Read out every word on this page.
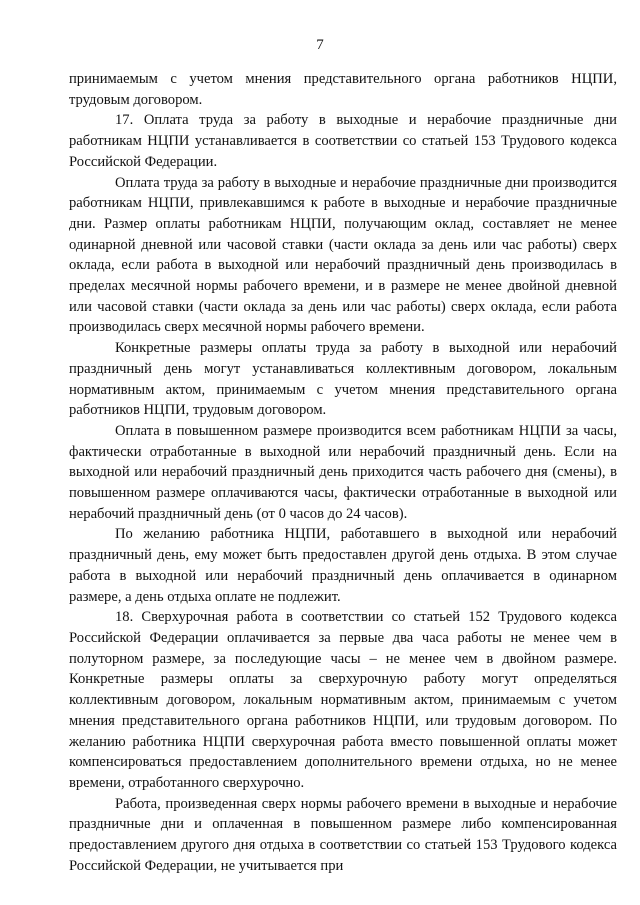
7

принимаемым с учетом мнения представительного органа работников НЦПИ, трудовым договором.

17. Оплата труда за работу в выходные и нерабочие праздничные дни работникам НЦПИ устанавливается в соответствии со статьей 153 Трудового кодекса Российской Федерации.

Оплата труда за работу в выходные и нерабочие праздничные дни производится работникам НЦПИ, привлекавшимся к работе в выходные и нерабочие праздничные дни. Размер оплаты работникам НЦПИ, получающим оклад, составляет не менее одинарной дневной или часовой ставки (части оклада за день или час работы) сверх оклада, если работа в выходной или нерабочий праздничный день производилась в пределах месячной нормы рабочего времени, и в размере не менее двойной дневной или часовой ставки (части оклада за день или час работы) сверх оклада, если работа производилась сверх месячной нормы рабочего времени.

Конкретные размеры оплаты труда за работу в выходной или нерабочий праздничный день могут устанавливаться коллективным договором, локальным нормативным актом, принимаемым с учетом мнения представительного органа работников НЦПИ, трудовым договором.

Оплата в повышенном размере производится всем работникам НЦПИ за часы, фактически отработанные в выходной или нерабочий праздничный день. Если на выходной или нерабочий праздничный день приходится часть рабочего дня (смены), в повышенном размере оплачиваются часы, фактически отработанные в выходной или нерабочий праздничный день (от 0 часов до 24 часов).

По желанию работника НЦПИ, работавшего в выходной или нерабочий праздничный день, ему может быть предоставлен другой день отдыха. В этом случае работа в выходной или нерабочий праздничный день оплачивается в одинарном размере, а день отдыха оплате не подлежит.

18. Сверхурочная работа в соответствии со статьей 152 Трудового кодекса Российской Федерации оплачивается за первые два часа работы не менее чем в полуторном размере, за последующие часы – не менее чем в двойном размере. Конкретные размеры оплаты за сверхурочную работу могут определяться коллективным договором, локальным нормативным актом, принимаемым с учетом мнения представительного органа работников НЦПИ, или трудовым договором. По желанию работника НЦПИ сверхурочная работа вместо повышенной оплаты может компенсироваться предоставлением дополнительного времени отдыха, но не менее времени, отработанного сверхурочно.

Работа, произведенная сверх нормы рабочего времени в выходные и нерабочие праздничные дни и оплаченная в повышенном размере либо компенсированная предоставлением другого дня отдыха в соответствии со статьей 153 Трудового кодекса Российской Федерации, не учитывается при
